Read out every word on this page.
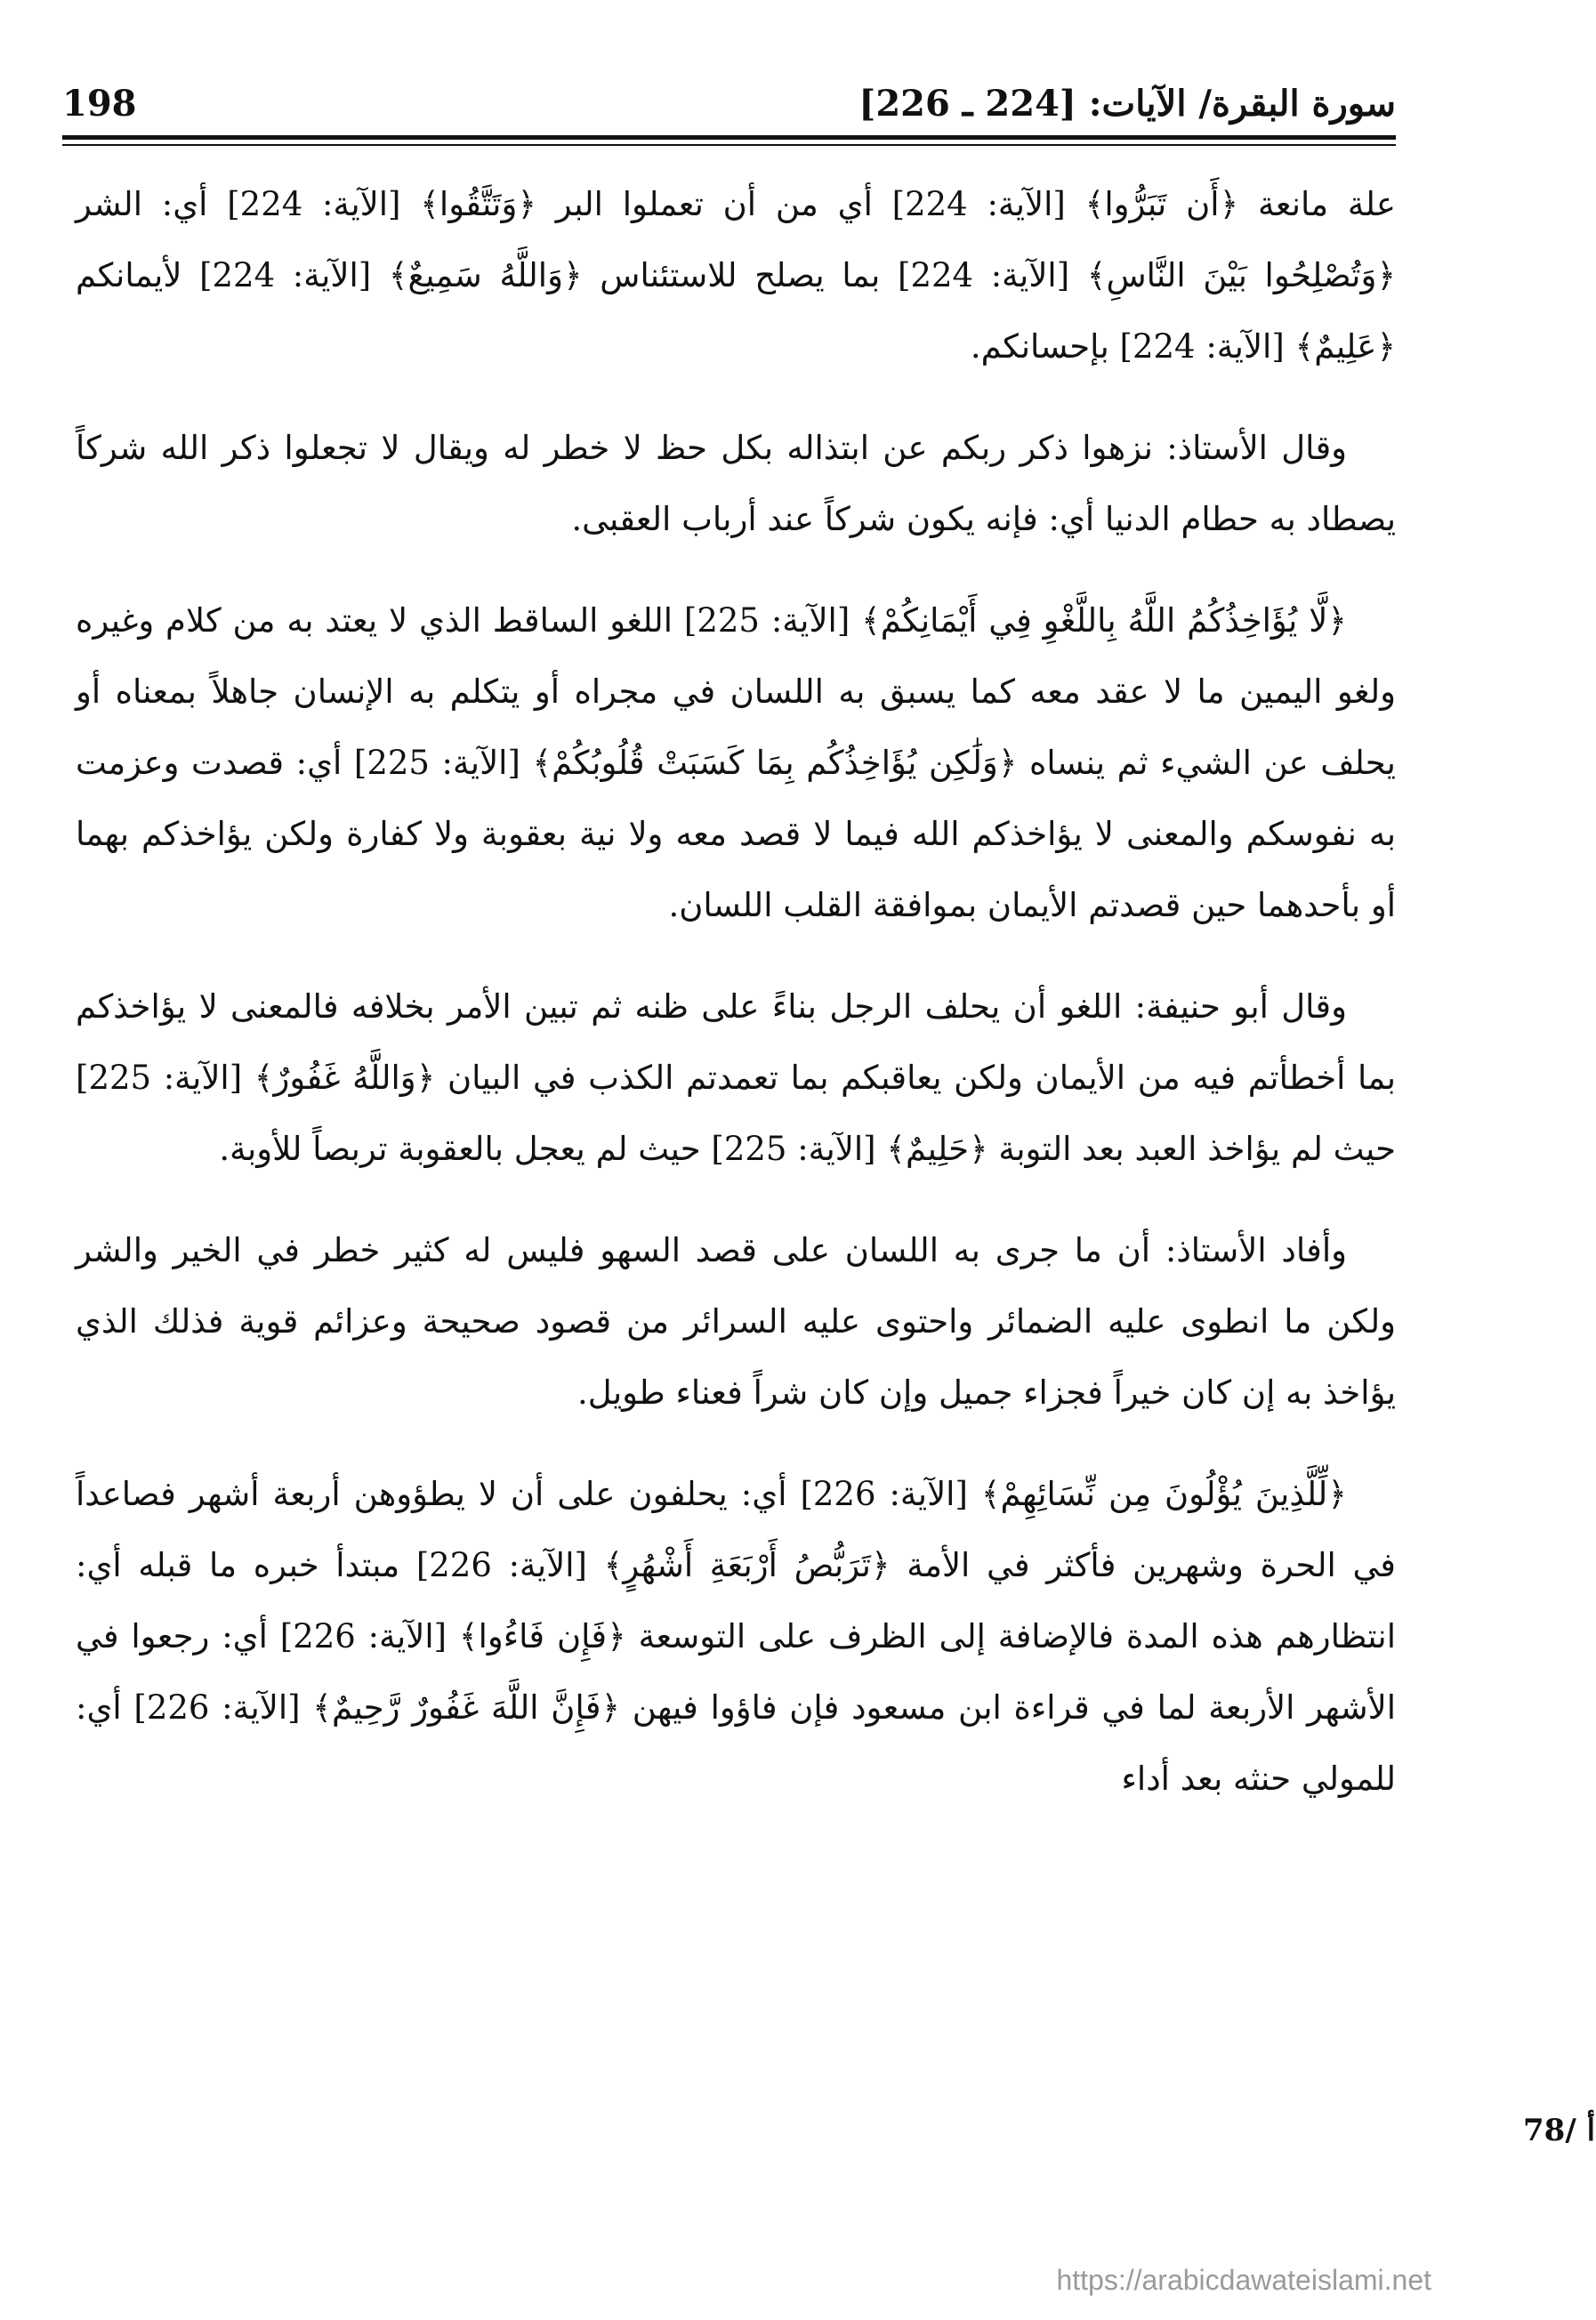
198	سورة البقرة/ الآيات: [224 ـ 226]

علة مانعة ﴿أَن تَبَرُّوا﴾ [الآية: 224] أي من أن تعملوا البر ﴿وَتَتَّقُوا﴾ [الآية: 224] أي: الشر ﴿وَتُصْلِحُوا بَيْنَ النَّاسِ﴾ [الآية: 224] بما يصلح للاستئناس ﴿وَاللَّهُ سَمِيعٌ﴾ [الآية: 224] لأيمانكم ﴿عَلِيمٌ﴾ [الآية: 224] بإحسانكم.

وقال الأستاذ: نزهوا ذكر ربكم عن ابتذاله بكل حظ لا خطر له ويقال لا تجعلوا ذكر الله شركاً يصطاد به حطام الدنيا أي: فإنه يكون شركاً عند أرباب العقبى.

﴿لَّا يُؤَاخِذُكُمُ اللَّهُ بِاللَّغْوِ فِي أَيْمَانِكُمْ﴾ [الآية: 225] اللغو الساقط الذي لا يعتد به من كلام وغيره ولغو اليمين ما لا عقد معه كما يسبق به اللسان في مجراه أو يتكلم به الإنسان جاهلاً بمعناه أو يحلف عن الشيء ثم ينساه ﴿وَلَٰكِن يُؤَاخِذُكُم بِمَا كَسَبَتْ قُلُوبُكُمْ﴾ [الآية: 225] أي: قصدت وعزمت به نفوسكم والمعنى لا يؤاخذكم الله فيما لا قصد معه ولا نية بعقوبة ولا كفارة ولكن يؤاخذكم بهما أو بأحدهما حين قصدتم الأيمان بموافقة القلب اللسان.

وقال أبو حنيفة: اللغو أن يحلف الرجل بناءً على ظنه ثم تبين الأمر بخلافه فالمعنى لا يؤاخذكم بما أخطأتم فيه من الأيمان ولكن يعاقبكم بما تعمدتم الكذب في البيان ﴿وَاللَّهُ غَفُورٌ﴾ [الآية: 225] حيث لم يؤاخذ العبد بعد التوبة ﴿حَلِيمٌ﴾ [الآية: 225] حيث لم يعجل بالعقوبة تربصاً للأوبة.

وأفاد الأستاذ: أن ما جرى به اللسان على قصد السهو فليس له كثير خطر في الخير والشر ولكن ما انطوى عليه الضمائر واحتوى عليه السرائر من قصود صحيحة وعزائم قوية فذلك الذي يؤاخذ به إن كان خيراً فجزاء جميل وإن كان شراً فعناء طويل.

﴿لِّلَّذِينَ يُؤْلُونَ مِن نِّسَائِهِمْ﴾ [الآية: 226] أي: يحلفون على أن لا يطؤوهن أربعة أشهر فصاعداً في الحرة وشهرين فأكثر في الأمة ﴿تَرَبُّصُ أَرْبَعَةِ أَشْهُرٍ﴾ [الآية: 226] مبتدأ خبره ما قبله أي: انتظارهم هذه المدة فالإضافة إلى الظرف على التوسعة ﴿فَإِن فَاءُوا﴾ [الآية: 226] أي: رجعوا في الأشهر الأربعة لما في قراءة ابن مسعود فإن فاؤوا فيهن ﴿فَإِنَّ اللَّهَ غَفُورٌ رَّحِيمٌ﴾ [الآية: 226] أي: للمولي حنثه بعد أداء

78/ أ
https://arabicdawateislami.net
